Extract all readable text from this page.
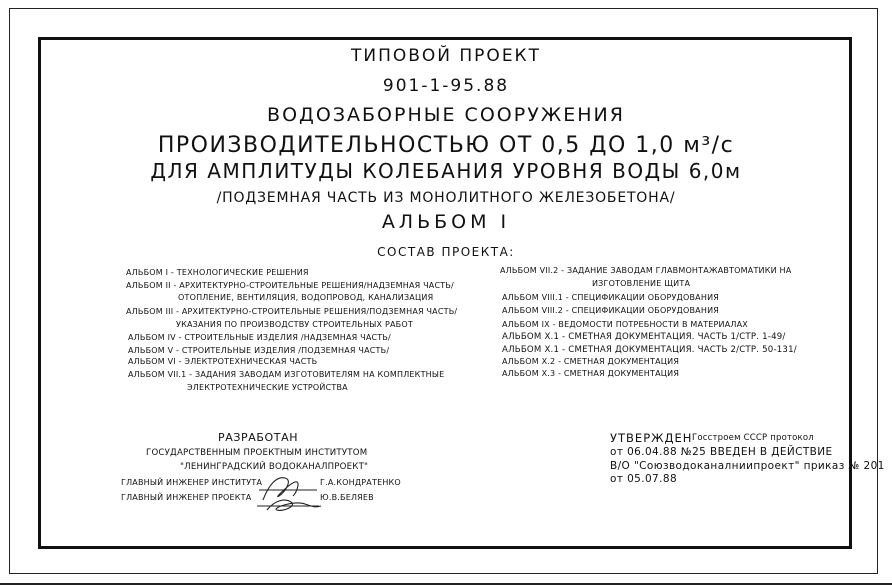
ТИПОВОЙ ПРОЕКТ
901-1-95.88
ВОДОЗАБОРНЫЕ СООРУЖЕНИЯ
ПРОИЗВОДИТЕЛЬНОСТЬЮ ОТ 0,5 ДО 1,0 м³/с
ДЛЯ АМПЛИТУДЫ КОЛЕБАНИЯ УРОВНЯ ВОДЫ 6,0м
/ПОДЗЕМНАЯ ЧАСТЬ ИЗ МОНОЛИТНОГО ЖЕЛЕЗОБЕТОНА/
АЛЬБОМ I
СОСТАВ ПРОЕКТА:
АЛЬБОМ I - ТЕХНОЛОГИЧЕСКИЕ РЕШЕНИЯ
АЛЬБОМ II - АРХИТЕКТУРНО-СТРОИТЕЛЬНЫЕ РЕШЕНИЯ/НАДЗЕМНАЯ ЧАСТЬ/
ОТОПЛЕНИЕ, ВЕНТИЛЯЦИЯ, ВОДОПРОВОД, КАНАЛИЗАЦИЯ
АЛЬБОМ III - АРХИТЕКТУРНО-СТРОИТЕЛЬНЫЕ РЕШЕНИЯ/ПОДЗЕМНАЯ ЧАСТЬ/
УКАЗАНИЯ ПО ПРОИЗВОДСТВУ СТРОИТЕЛЬНЫХ РАБОТ
АЛЬБОМ IV - СТРОИТЕЛЬНЫЕ ИЗДЕЛИЯ /НАДЗЕМНАЯ ЧАСТЬ/
АЛЬБОМ V - СТРОИТЕЛЬНЫЕ ИЗДЕЛИЯ /ПОДЗЕМНАЯ ЧАСТЬ/
АЛЬБОМ VI - ЭЛЕКТРОТЕХНИЧЕСКАЯ ЧАСТЬ
АЛЬБОМ VII.1 - ЗАДАНИЯ ЗАВОДАМ ИЗГОТОВИТЕЛЯМ НА КОМПЛЕКТНЫЕ
ЭЛЕКТРОТЕХНИЧЕСКИЕ УСТРОЙСТВА
АЛЬБОМ VII.2 - ЗАДАНИЕ ЗАВОДАМ ГЛАВМОНТАЖАВТОМАТИКИ НА
ИЗГОТОВЛЕНИЕ ЩИТА
АЛЬБОМ VIII.1 - СПЕЦИФИКАЦИИ ОБОРУДОВАНИЯ
АЛЬБОМ VIII.2 - СПЕЦИФИКАЦИИ ОБОРУДОВАНИЯ
АЛЬБОМ IX - ВЕДОМОСТИ ПОТРЕБНОСТИ В МАТЕРИАЛАХ
АЛЬБОМ X.1 - СМЕТНАЯ ДОКУМЕНТАЦИЯ. ЧАСТЬ 1/СТР. 1-49/
АЛЬБОМ X.1 - СМЕТНАЯ ДОКУМЕНТАЦИЯ. ЧАСТЬ 2/СТР. 50-131/
АЛЬБОМ X.2 - СМЕТНАЯ ДОКУМЕНТАЦИЯ
АЛЬБОМ X.3 - СМЕТНАЯ ДОКУМЕНТАЦИЯ
РАЗРАБОТАН
ГОСУДАРСТВЕННЫМ ПРОЕКТНЫМ ИНСТИТУТОМ
"ЛЕНИНГРАДСКИЙ ВОДОКАНАЛПРОЕКТ"
ГЛАВНЫЙ ИНЖЕНЕР ИНСТИТУТА	Г.А.КОНДРАТЕНКО
ГЛАВНЫЙ ИНЖЕНЕР ПРОЕКТА	Ю.В.БЕЛЯЕВ
УТВЕРЖДЕН Госстроем СССР протокол
от 06.04.88 №25 ВВЕДЕН В ДЕЙСТВИЕ
В/О "Союзводоканалниипроект" приказ № 201
от 05.07.88
